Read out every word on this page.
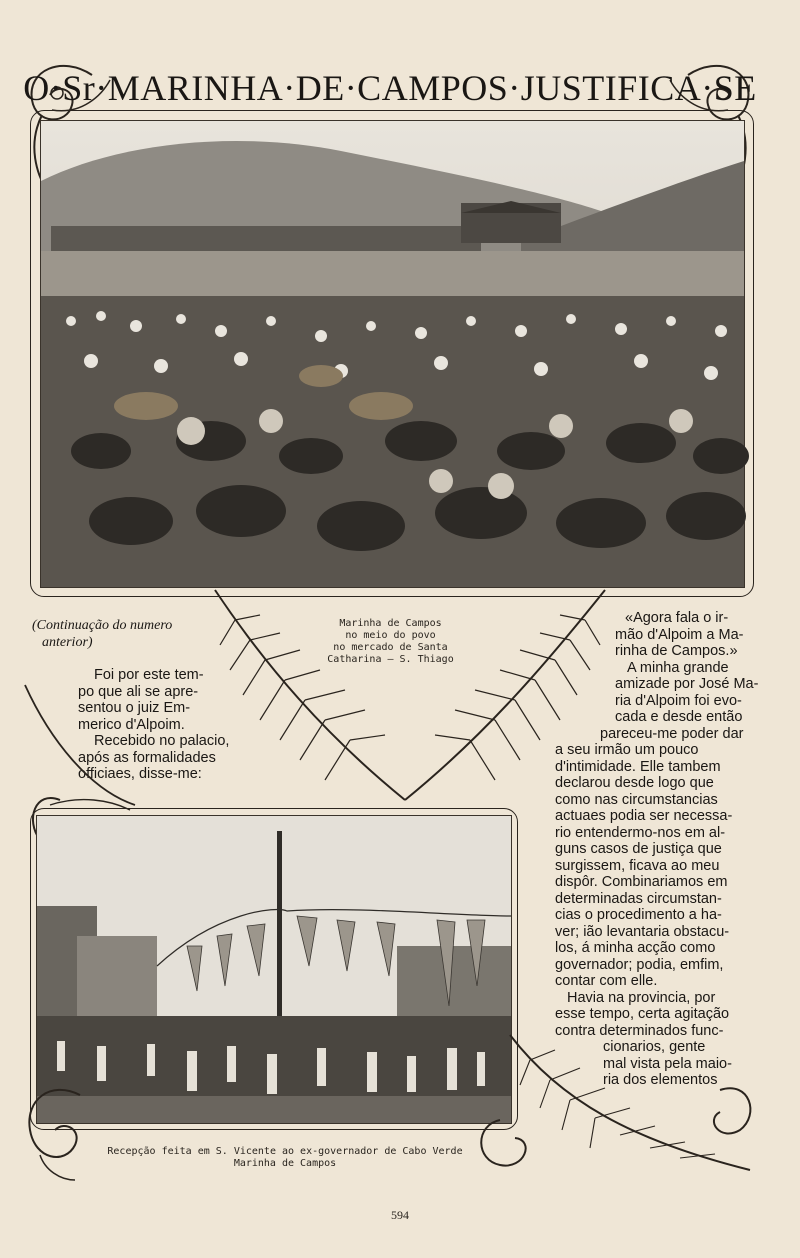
O·Sr·MARINHA·DE·CAMPOS·JUSTIFICA·SE
Marinha de Campos
no meio do povo
no mercado de Santa
Catharina — S. Thiago
(Continuação do numero
anterior)
Foi por este tem-
po que ali se apre-
sentou o juiz Em-
merico d'Alpoim.
Recebido no palacio,
após as formalidades
officiaes, disse-me:
Recepção feita em S. Vicente ao ex-governador de Cabo Verde
Marinha de Campos
«Agora fala o ir-
mão d'Alpoim a Ma-
rinha de Campos.»
A minha grande
amizade por José Ma-
ria d'Alpoim foi evo-
cada e desde então
pareceu-me poder dar
a seu irmão um pouco
d'intimidade. Elle tambem
declarou desde logo que
como nas circumstancias
actuaes podia ser necessa-
rio entendermo-nos em al-
guns casos de justiça que
surgissem, ficava ao meu
dispôr. Combinariamos em
determinadas circumstan-
cias o procedimento a ha-
ver; ião levantaria obstacu-
los, á minha acção como
governador; podia, emfim,
contar com elle.
Havia na provincia, por
esse tempo, certa agitação
contra determinados func-
cionarios, gente
mal vista pela maio-
ria dos elementos
594
